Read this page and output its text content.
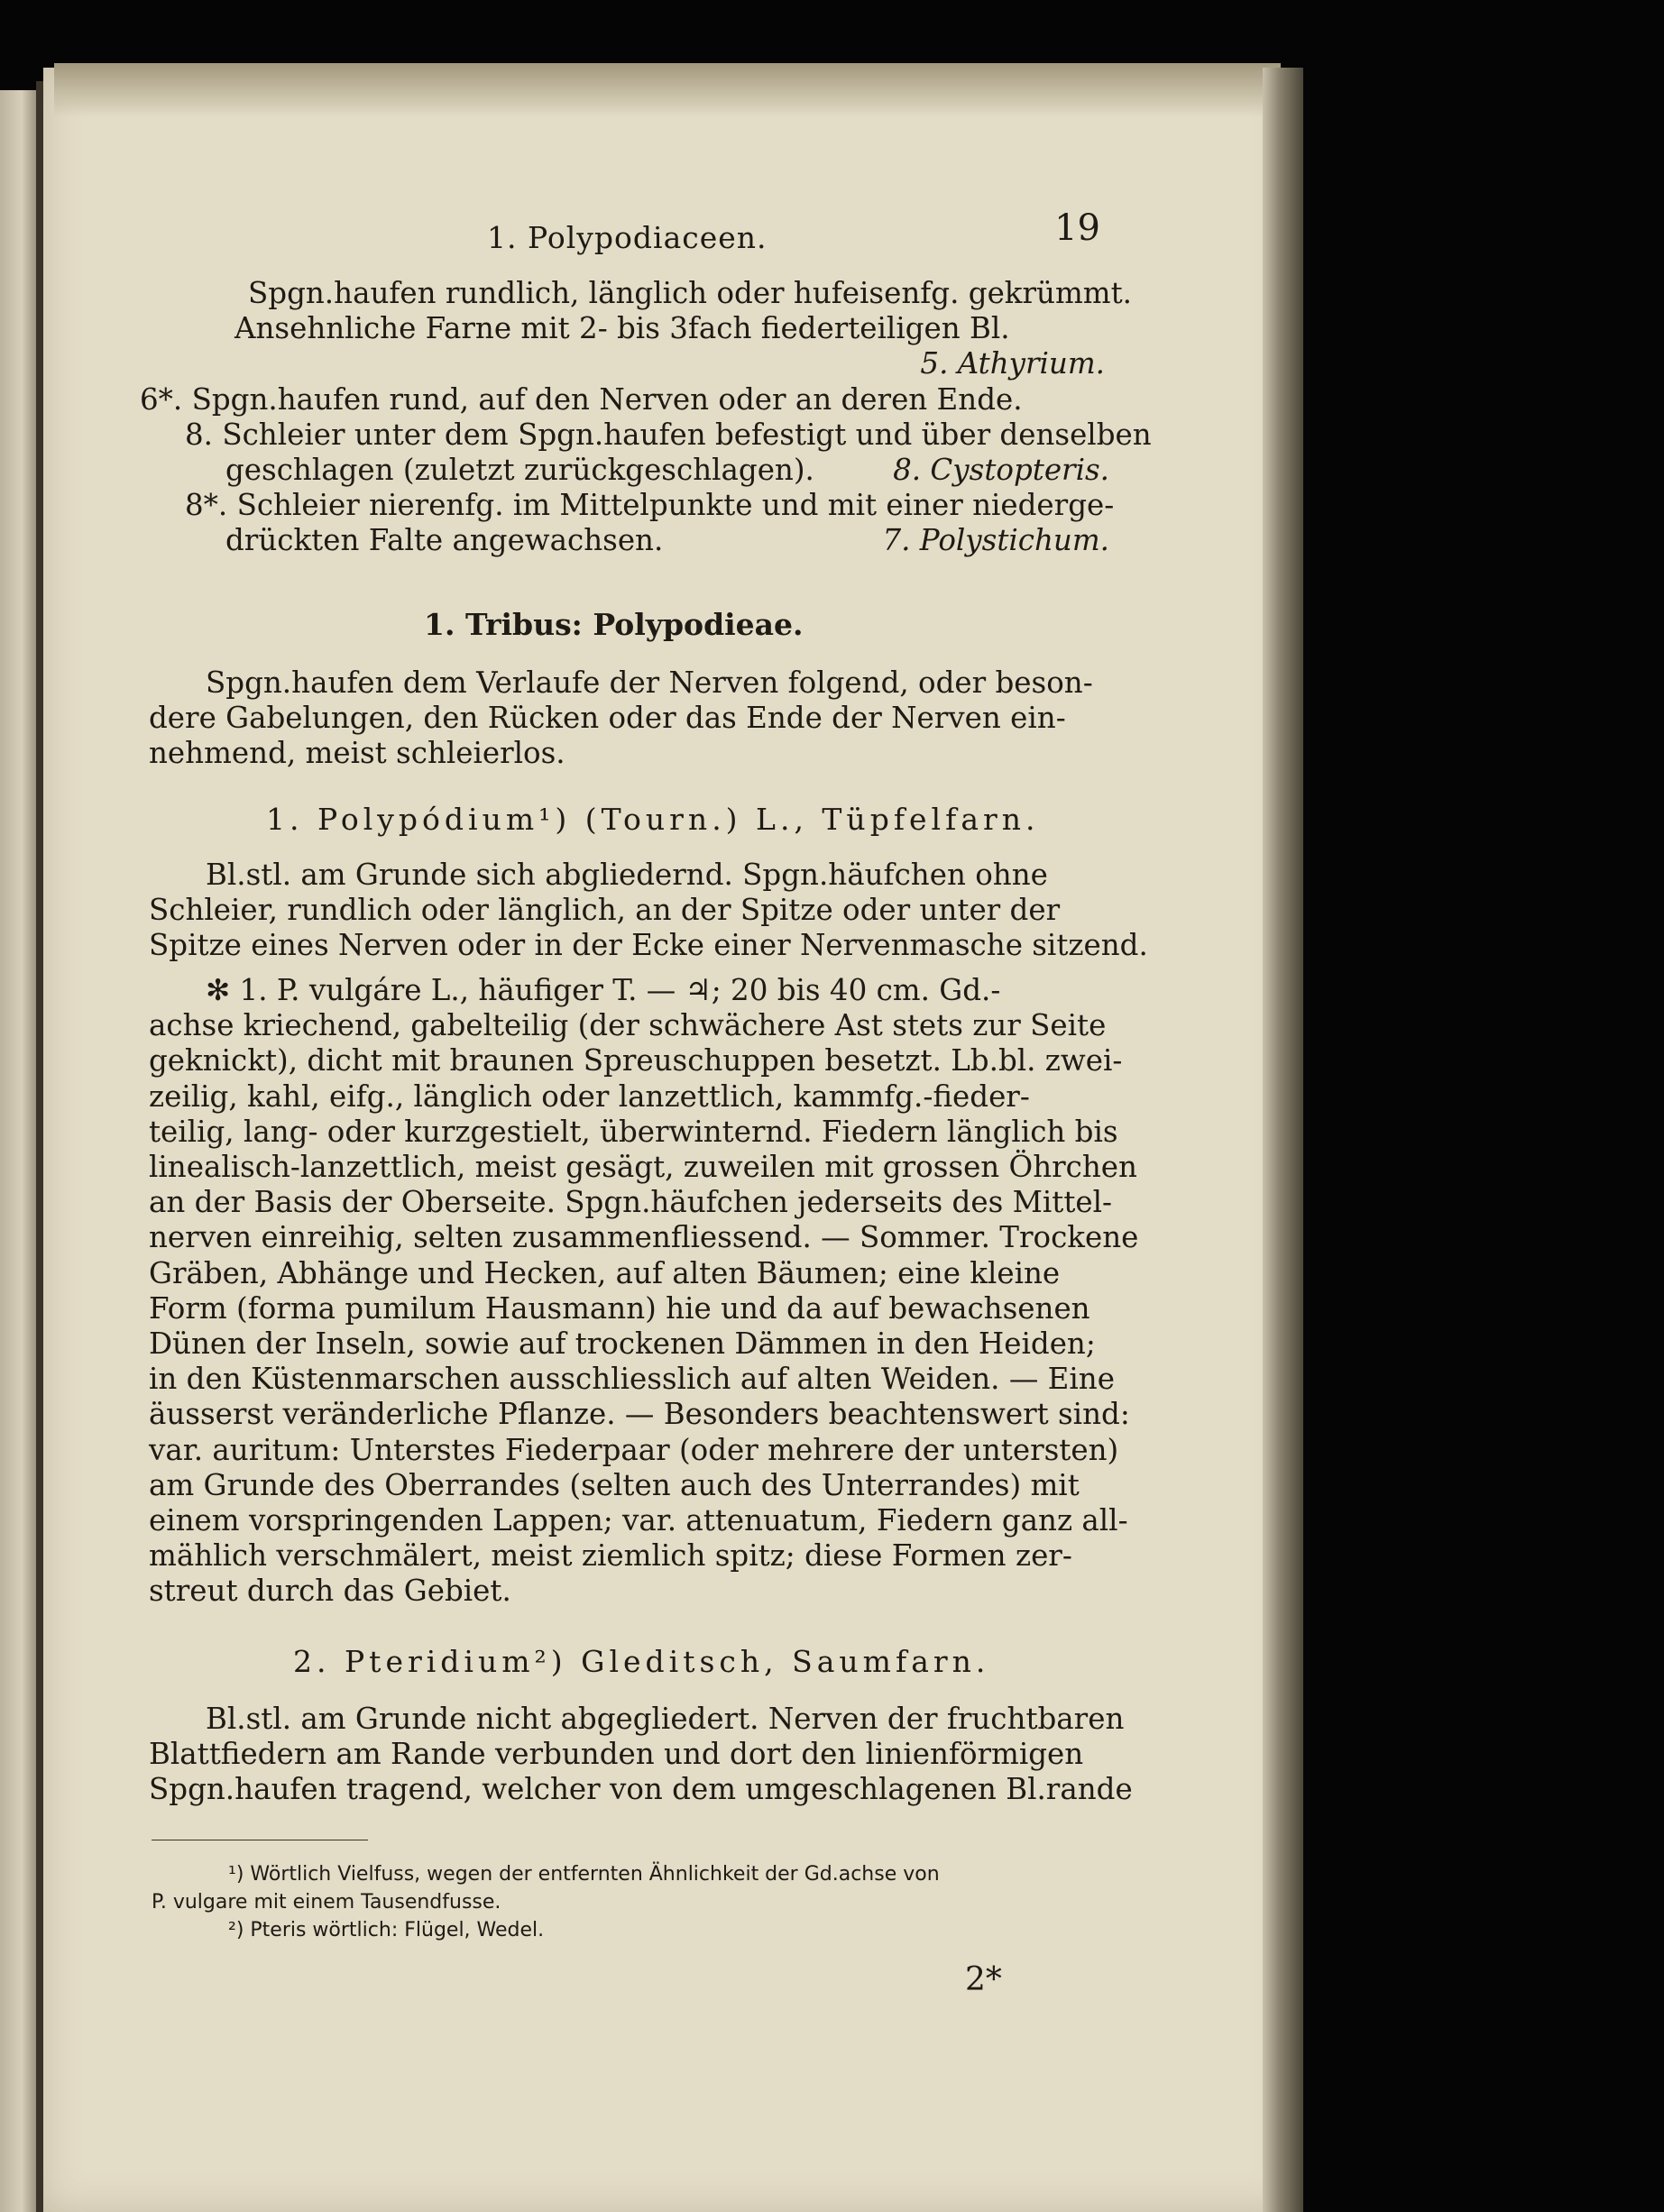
1. Polypodiaceen.	19
Spgn.haufen rundlich, länglich oder hufeisenfg. gekrümmt.
Ansehnliche Farne mit 2- bis 3fach fiederteiligen Bl.
5. Athyrium.
6*. Spgn.haufen rund, auf den Nerven oder an deren Ende.
8. Schleier unter dem Spgn.haufen befestigt und über denselben
geschlagen (zuletzt zurückgeschlagen).	8. Cystopteris.
8*. Schleier nierenfg. im Mittelpunkte und mit einer niederge-
drückten Falte angewachsen.	7. Polystichum.
1. Tribus: Polypodieae.
Spgn.haufen dem Verlaufe der Nerven folgend, oder beson-
dere Gabelungen, den Rücken oder das Ende der Nerven ein-
nehmend, meist schleierlos.
1. Polypódium¹) (Tourn.) L., Tüpfelfarn.
Bl.stl. am Grunde sich abgliedernd. Spgn.häufchen ohne
Schleier, rundlich oder länglich, an der Spitze oder unter der
Spitze eines Nerven oder in der Ecke einer Nervenmasche sitzend.
✻ 1. P. vulgáre L., häufiger T. — ♃; 20 bis 40 cm. Gd.-
achse kriechend, gabelteilig (der schwächere Ast stets zur Seite
geknickt), dicht mit braunen Spreuschuppen besetzt. Lb.bl. zwei-
zeilig, kahl, eifg., länglich oder lanzettlich, kammfg.-fieder-
teilig, lang- oder kurzgestielt, überwinternd. Fiedern länglich bis
linealisch-lanzettlich, meist gesägt, zuweilen mit grossen Öhrchen
an der Basis der Oberseite. Spgn.häufchen jederseits des Mittel-
nerven einreihig, selten zusammenfliessend. — Sommer. Trockene
Gräben, Abhänge und Hecken, auf alten Bäumen; eine kleine
Form (forma pumilum Hausmann) hie und da auf bewachsenen
Dünen der Inseln, sowie auf trockenen Dämmen in den Heiden;
in den Küstenmarschen ausschliesslich auf alten Weiden. — Eine
äusserst veränderliche Pflanze. — Besonders beachtenswert sind:
var. auritum: Unterstes Fiederpaar (oder mehrere der untersten)
am Grunde des Oberrandes (selten auch des Unterrandes) mit
einem vorspringenden Lappen; var. attenuatum, Fiedern ganz all-
mählich verschmälert, meist ziemlich spitz; diese Formen zer-
streut durch das Gebiet.
2. Pteridium²) Gleditsch, Saumfarn.
Bl.stl. am Grunde nicht abgegliedert. Nerven der fruchtbaren
Blattfiedern am Rande verbunden und dort den linienförmigen
Spgn.haufen tragend, welcher von dem umgeschlagenen Bl.rande
¹) Wörtlich Vielfuss, wegen der entfernten Ähnlichkeit der Gd.achse von
P. vulgare mit einem Tausendfusse.
²) Pteris wörtlich: Flügel, Wedel.
2*
